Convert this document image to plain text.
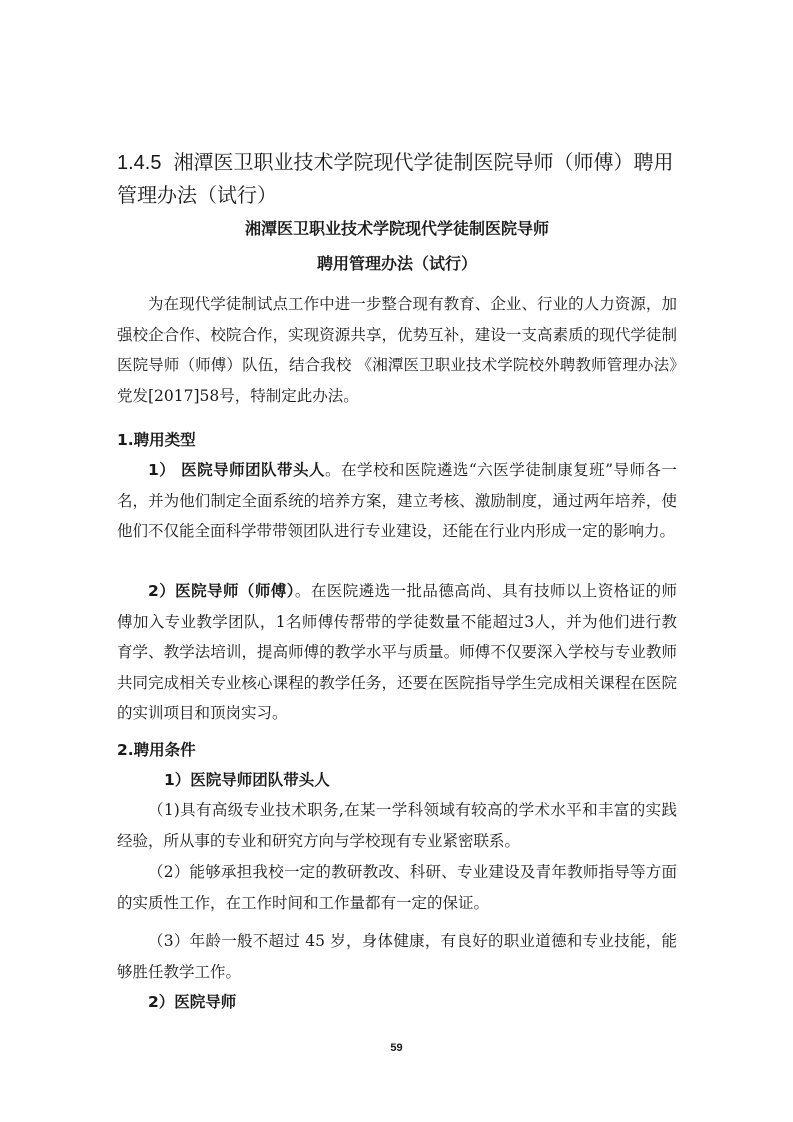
1.4.5 湘潭医卫职业技术学院现代学徒制医院导师（师傅）聘用管理办法（试行）
湘潭医卫职业技术学院现代学徒制医院导师
聘用管理办法（试行）

为在现代学徒制试点工作中进一步整合现有教育、企业、行业的人力资源，加强校企合作、校院合作，实现资源共享，优势互补，建设一支高素质的现代学徒制医院导师（师傅）队伍，结合我校 《湘潭医卫职业技术学院校外聘教师管理办法》党发[2017]58号，特制定此办法。

1.聘用类型

1） 医院导师团队带头人。在学校和医院遴选“六医学徒制康复班”导师各一名，并为他们制定全面系统的培养方案，建立考核、激励制度，通过两年培养，使他们不仅能全面科学带带领团队进行专业建设，还能在行业内形成一定的影响力。

2）医院导师（师傅）。在医院遴选一批品德高尚、具有技师以上资格证的师傅加入专业教学团队，1名师傅传帮带的学徒数量不能超过3人，并为他们进行教育学、教学法培训，提高师傅的教学水平与质量。师傅不仅要深入学校与专业教师共同完成相关专业核心课程的教学任务，还要在医院指导学生完成相关课程在医院的实训项目和顶岗实习。

2.聘用条件

1）医院导师团队带头人

（1)具有高级专业技术职务,在某一学科领域有较高的学术水平和丰富的实践经验，所从事的专业和研究方向与学校现有专业紧密联系。

（2）能够承担我校一定的教研教改、科研、专业建设及青年教师指导等方面的实质性工作，在工作时间和工作量都有一定的保证。

（3）年龄一般不超过 45 岁，身体健康，有良好的职业道德和专业技能，能够胜任教学工作。

2）医院导师

59
